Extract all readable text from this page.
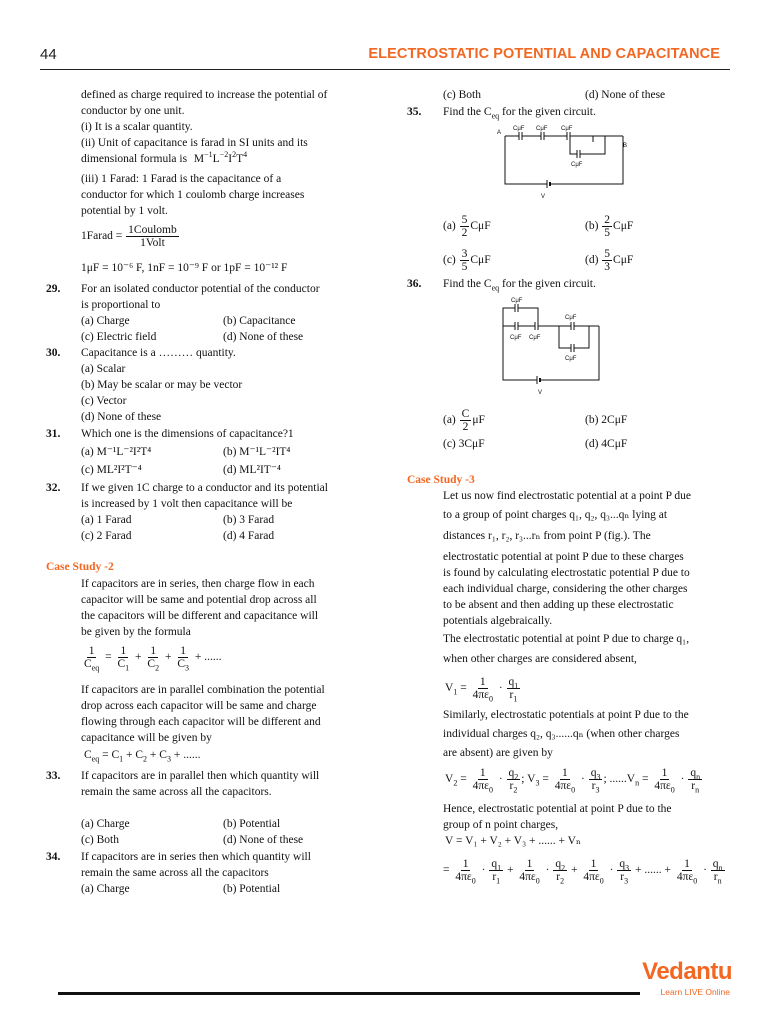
44	ELECTROSTATIC POTENTIAL AND CAPACITANCE
defined as charge required to increase the potential of
conductor by one unit.
(i) It is a scalar quantity.
(ii) Unit of capacitance is farad in SI units and its
dimensional formula is $M^{-1}L^{-2}I^2T^4$
(iii) 1 Farad: 1 Farad is the capacitance of a
conductor for which 1 coulomb charge increases
potential by 1 volt.
1Farad = $\frac{\text{1Coulomb}}{\text{1Volt}}$
1μF = 10⁻⁶ F, 1nF = 10⁻⁹ F or 1pF = 10⁻¹² F
29. For an isolated conductor potential of the conductor
is proportional to
(a) Charge	(b) Capacitance
(c) Electric field	(d) None of these
30. Capacitance is a ……… quantity.
(a) Scalar
(b) May be scalar or may be vector
(c) Vector
(d) None of these
31. Which one is the dimensions of capacitance?1
(a) M⁻¹L⁻²I²T⁴	(b) M⁻¹L⁻²IT⁴
(c) ML²I²T⁻⁴	(d) ML²IT⁻⁴
32. If we given 1C charge to a conductor and its potential
is increased by 1 volt then capacitance will be
(a) 1 Farad	(b) 3 Farad
(c) 2 Farad	(d) 4 Farad
Case Study -2
If capacitors are in series, then charge flow in each
capacitor will be same and potential drop across all
the capacitors will be different and capacitance will
be given by the formula
$\frac{1}{C_{eq}} = \frac{1}{C_1} + \frac{1}{C_2} + \frac{1}{C_3}$ + ......
If capacitors are in parallel combination the potential
drop across each capacitor will be same and charge
flowing through each capacitor will be different and
capacitance will be given by
$C_{eq} = C_1 + C_2 + C_3$ + ......
33. If capacitors are in parallel then which quantity will
remain the same across all the capacitors.
(a) Charge	(b) Potential
(c) Both	(d) None of these
34. If capacitors are in series then which quantity will
remain the same across all the capacitors
(a) Charge	(b) Potential
(c) Both	(d) None of these
35. Find the $C_{eq}$ for the given circuit.
A
B
CμF CμF CμF
CμF
V
$(a) \frac{5}{2}$ CμF	$(b) \frac{2}{5}$ CμF
$(c) \frac{3}{5}$ CμF	$(d) \frac{5}{3}$ CμF
36. Find the $C_{eq}$ for the given circuit.
CμF
CμF CμF
CμF
CμF
V
$(a) \frac{C}{2}$ μF	(b) 2CμF
(c) 3CμF	(d) 4CμF
Case Study -3
Let us now find electrostatic potential at a point P due
to a group of point charges q₁, q₂, q₃...qₙ lying at
distances r₁, r₂, r₃...rₙ from point P (fig.). The
electrostatic potential at point P due to these charges
is found by calculating electrostatic potential P due to
each individual charge, considering the other charges
to be absent and then adding up these electrostatic
potentials algebraically.
The electrostatic potential at point P due to charge q₁,
when other charges are considered absent,
$V_1 = \frac{1}{4\pi\varepsilon_0} \cdot \frac{q_1}{r_1}$
Similarly, electrostatic potentials at point P due to the
individual charges q₂, q₃......qₙ (when other charges
are absent) are given by
$V_2 = \frac{1}{4\pi\varepsilon_0} \cdot \frac{q_2}{r_2}$ ; $V_3 = \frac{1}{4\pi\varepsilon_0} \cdot \frac{q_3}{r_3}$ ; $......V_n = \frac{1}{4\pi\varepsilon_0} \cdot \frac{q_n}{r_n}$
Hence, electrostatic potential at point P due to the
group of n point charges,
V = V₁ + V₂ + V₃ + ...... + Vₙ
= $\frac{1}{4\pi\varepsilon_0} \cdot \frac{q_1}{r_1} + \frac{1}{4\pi\varepsilon_0} \cdot \frac{q_2}{r_2} + \frac{1}{4\pi\varepsilon_0} \cdot \frac{q_3}{r_3}$ + ...... + $\frac{1}{4\pi\varepsilon_0} \cdot \frac{q_n}{r_n}$
Vedantu
Learn LIVE Online
